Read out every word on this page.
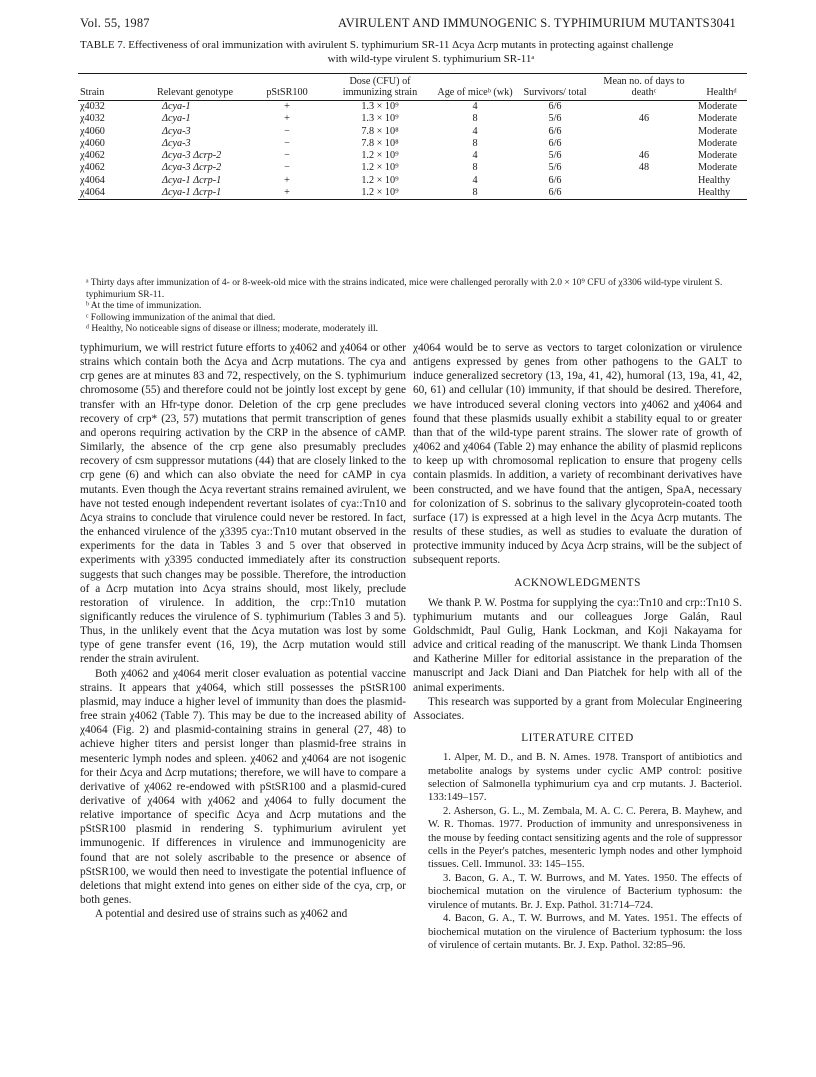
Vol. 55, 1987	AVIRULENT AND IMMUNOGENIC S. TYPHIMURIUM MUTANTS 3041
TABLE 7. Effectiveness of oral immunization with avirulent S. typhimurium SR-11 Δcya Δcrp mutants in protecting against challenge
with wild-type virulent S. typhimurium SR-11ᵃ
Strain	Relevant genotype	pStSR100	Dose (CFU) of immunizing strain	Age of miceᵇ (wk)	Survivors/ total	Mean no. of days to deathᶜ	Healthᵈ
χ4032	Δcya-1	+	1.3 × 10⁹	4	6/6		Moderate
χ4032	Δcya-1	+	1.3 × 10⁹	8	5/6	46	Moderate
χ4060	Δcya-3	−	7.8 × 10⁸	4	6/6		Moderate
χ4060	Δcya-3	−	7.8 × 10⁸	8	6/6		Moderate
χ4062	Δcya-3 Δcrp-2	−	1.2 × 10⁹	4	5/6	46	Moderate
χ4062	Δcya-3 Δcrp-2	−	1.2 × 10⁹	8	5/6	48	Moderate
χ4064	Δcya-1 Δcrp-1	+	1.2 × 10⁹	4	6/6		Healthy
χ4064	Δcya-1 Δcrp-1	+	1.2 × 10⁹	8	6/6		Healthy
ᵃ Thirty days after immunization of 4- or 8-week-old mice with the strains indicated, mice were challenged perorally with 2.0 × 10⁹ CFU of χ3306 wild-type virulent S. typhimurium SR-11.
ᵇ At the time of immunization.
ᶜ Following immunization of the animal that died.
ᵈ Healthy, No noticeable signs of disease or illness; moderate, moderately ill.

typhimurium, we will restrict future efforts to χ4062 and χ4064 or other strains which contain both the Δcya and Δcrp mutations. The cya and crp genes are at minutes 83 and 72, respectively, on the S. typhimurium chromosome (55) and therefore could not be jointly lost except by gene transfer with an Hfr-type donor. Deletion of the crp gene precludes recovery of crp* (23, 57) mutations that permit transcription of genes and operons requiring activation by the CRP in the absence of cAMP. Similarly, the absence of the crp gene also presumably precludes recovery of csm suppressor mutations (44) that are closely linked to the crp gene (6) and which can also obviate the need for cAMP in cya mutants. Even though the Δcya revertant strains remained avirulent, we have not tested enough independent revertant isolates of cya::Tn10 and Δcya strains to conclude that virulence could never be restored. In fact, the enhanced virulence of the χ3395 cya::Tn10 mutant observed in the experiments for the data in Tables 3 and 5 over that observed in experiments with χ3395 conducted immediately after its construction suggests that such changes may be possible. Therefore, the introduction of a Δcrp mutation into Δcya strains should, most likely, preclude restoration of virulence. In addition, the crp::Tn10 mutation significantly reduces the virulence of S. typhimurium (Tables 3 and 5). Thus, in the unlikely event that the Δcya mutation was lost by some type of gene transfer event (16, 19), the Δcrp mutation would still render the strain avirulent.

Both χ4062 and χ4064 merit closer evaluation as potential vaccine strains. It appears that χ4064, which still possesses the pStSR100 plasmid, may induce a higher level of immunity than does the plasmid-free strain χ4062 (Table 7). This may be due to the increased ability of χ4064 (Fig. 2) and plasmid-containing strains in general (27, 48) to achieve higher titers and persist longer than plasmid-free strains in mesenteric lymph nodes and spleen. χ4062 and χ4064 are not isogenic for their Δcya and Δcrp mutations; therefore, we will have to compare a derivative of χ4062 re-endowed with pStSR100 and a plasmid-cured derivative of χ4064 with χ4062 and χ4064 to fully document the relative importance of specific Δcya and Δcrp mutations and the pStSR100 plasmid in rendering S. typhimurium avirulent yet immunogenic. If differences in virulence and immunogenicity are found that are not solely ascribable to the presence or absence of pStSR100, we would then need to investigate the potential influence of deletions that might extend into genes on either side of the cya, crp, or both genes.

A potential and desired use of strains such as χ4062 and

χ4064 would be to serve as vectors to target colonization or virulence antigens expressed by genes from other pathogens to the GALT to induce generalized secretory (13, 19a, 41, 42), humoral (13, 19a, 41, 42, 60, 61) and cellular (10) immunity, if that should be desired. Therefore, we have introduced several cloning vectors into χ4062 and χ4064 and found that these plasmids usually exhibit a stability equal to or greater than that of the wild-type parent strains. The slower rate of growth of χ4062 and χ4064 (Table 2) may enhance the ability of plasmid replicons to keep up with chromosomal replication to ensure that progeny cells contain plasmids. In addition, a variety of recombinant derivatives have been constructed, and we have found that the antigen, SpaA, necessary for colonization of S. sobrinus to the salivary glycoprotein-coated tooth surface (17) is expressed at a high level in the Δcya Δcrp mutants. The results of these studies, as well as studies to evaluate the duration of protective immunity induced by Δcya Δcrp strains, will be the subject of subsequent reports.

ACKNOWLEDGMENTS

We thank P. W. Postma for supplying the cya::Tn10 and crp::Tn10 S. typhimurium mutants and our colleagues Jorge Galán, Raul Goldschmidt, Paul Gulig, Hank Lockman, and Koji Nakayama for advice and critical reading of the manuscript. We thank Linda Thomsen and Katherine Miller for editorial assistance in the preparation of the manuscript and Jack Diani and Dan Piatchek for help with all of the animal experiments.

This research was supported by a grant from Molecular Engineering Associates.

LITERATURE CITED

1. Alper, M. D., and B. N. Ames. 1978. Transport of antibiotics and metabolite analogs by systems under cyclic AMP control: positive selection of Salmonella typhimurium cya and crp mutants. J. Bacteriol. 133:149–157.

2. Asherson, G. L., M. Zembala, M. A. C. C. Perera, B. Mayhew, and W. R. Thomas. 1977. Production of immunity and unresponsiveness in the mouse by feeding contact sensitizing agents and the role of suppressor cells in the Peyer's patches, mesenteric lymph nodes and other lymphoid tissues. Cell. Immunol. 33: 145–155.

3. Bacon, G. A., T. W. Burrows, and M. Yates. 1950. The effects of biochemical mutation on the virulence of Bacterium typhosum: the virulence of mutants. Br. J. Exp. Pathol. 31:714–724.

4. Bacon, G. A., T. W. Burrows, and M. Yates. 1951. The effects of biochemical mutation on the virulence of Bacterium typhosum: the loss of virulence of certain mutants. Br. J. Exp. Pathol. 32:85–96.
